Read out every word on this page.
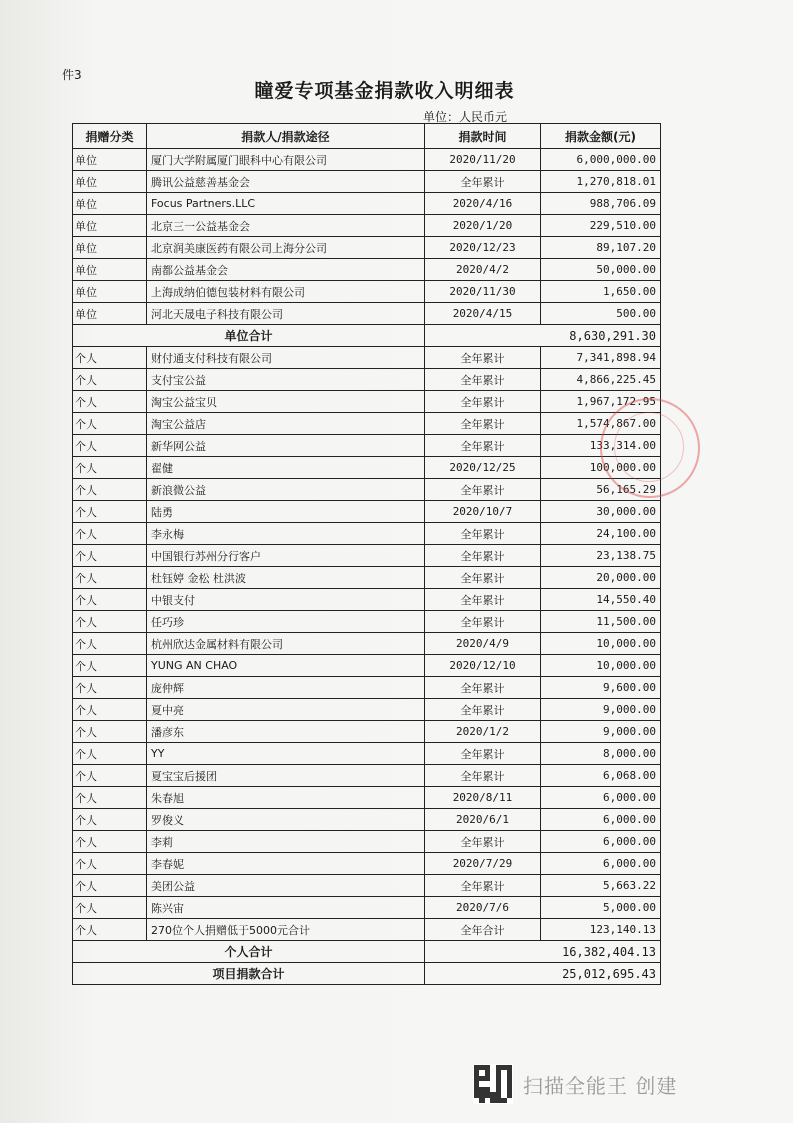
件3
瞳爱专项基金捐款收入明细表
单位：人民币元
捐赠分类	捐款人/捐款途径	捐款时间	捐款金额(元)
单位	厦门大学附属厦门眼科中心有限公司	2020/11/20	6,000,000.00
单位	腾讯公益慈善基金会	全年累计	1,270,818.01
单位	Focus Partners.LLC	2020/4/16	988,706.09
单位	北京三一公益基金会	2020/1/20	229,510.00
单位	北京润美康医药有限公司上海分公司	2020/12/23	89,107.20
单位	南都公益基金会	2020/4/2	50,000.00
单位	上海成纳伯德包装材料有限公司	2020/11/30	1,650.00
单位	河北天晟电子科技有限公司	2020/4/15	500.00
单位合计		8,630,291.30	
个人	财付通支付科技有限公司	全年累计	7,341,898.94
个人	支付宝公益	全年累计	4,866,225.45
个人	淘宝公益宝贝	全年累计	1,967,172.95
个人	淘宝公益店	全年累计	1,574,867.00
个人	新华网公益	全年累计	133,314.00
个人	翟健	2020/12/25	100,000.00
个人	新浪微公益	全年累计	56,165.29
个人	陆勇	2020/10/7	30,000.00
个人	李永梅	全年累计	24,100.00
个人	中国银行苏州分行客户	全年累计	23,138.75
个人	杜钰婷 金松 杜洪波	全年累计	20,000.00
个人	中银支付	全年累计	14,550.40
个人	任巧珍	全年累计	11,500.00
个人	杭州欣达金属材料有限公司	2020/4/9	10,000.00
个人	YUNG AN CHAO	2020/12/10	10,000.00
个人	庞仲辉	全年累计	9,600.00
个人	夏中亮	全年累计	9,000.00
个人	潘彦东	2020/1/2	9,000.00
个人	YY	全年累计	8,000.00
个人	夏宝宝后援团	全年累计	6,068.00
个人	朱春旭	2020/8/11	6,000.00
个人	罗俊义	2020/6/1	6,000.00
个人	李莉	全年累计	6,000.00
个人	李春妮	2020/7/29	6,000.00
个人	美团公益	全年累计	5,663.22
个人	陈兴宙	2020/7/6	5,000.00
个人	270位个人捐赠低于5000元合计	全年合计	123,140.13
个人合计		16,382,404.13	
项目捐款合计		25,012,695.43	
扫描全能王 创建
